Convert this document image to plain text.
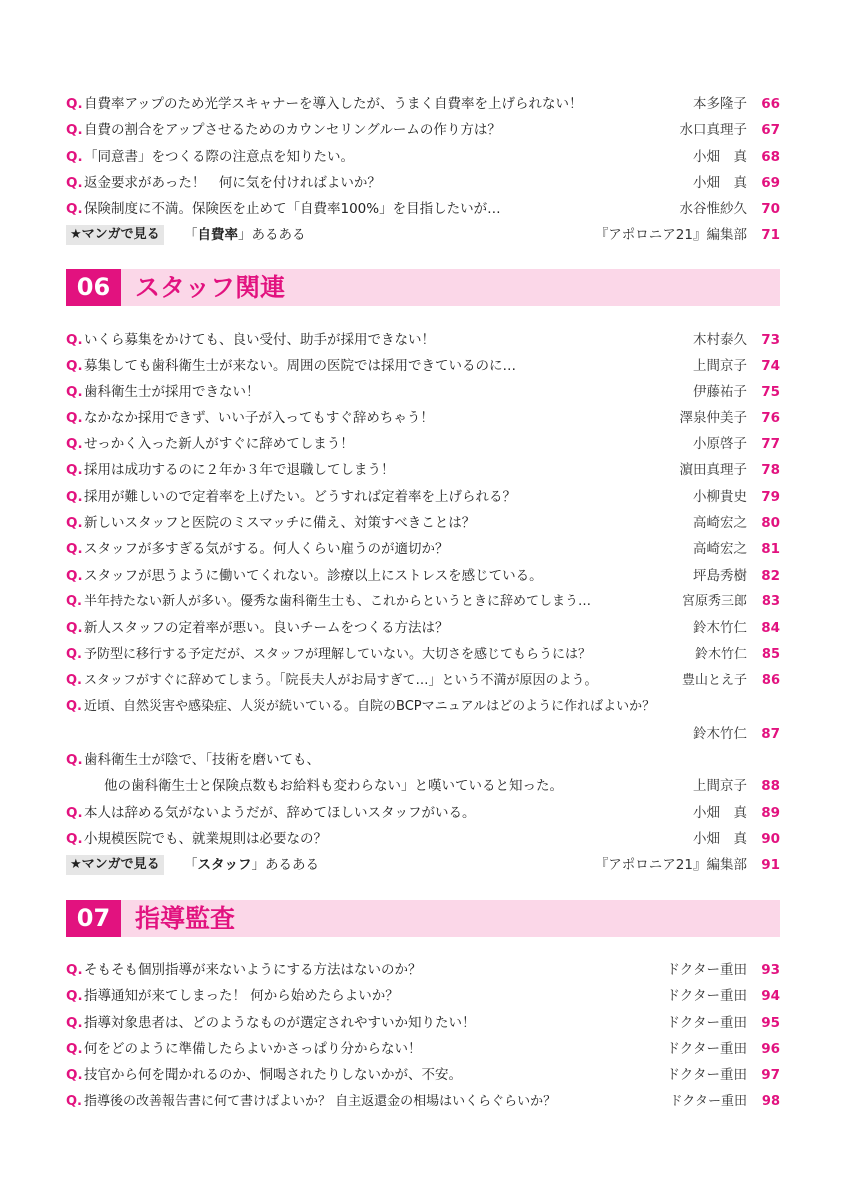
Q. 自費率アップのため光学スキャナーを導入したが、うまく自費率を上げられない！	本多隆子	66
Q. 自費の割合をアップさせるためのカウンセリングルームの作り方は？	水口真理子	67
Q. 「同意書」をつくる際の注意点を知りたい。	小畑　真	68
Q. 返金要求があった！　何に気を付ければよいか？	小畑　真	69
Q. 保険制度に不満。保険医を止めて「自費率100%」を目指したいが…	水谷惟紗久	70
★マンガで見る 「自費率」あるある	『アポロニア21』編集部	71
06 スタッフ関連
Q. いくら募集をかけても、良い受付、助手が採用できない！	木村泰久	73
Q. 募集しても歯科衛生士が来ない。周囲の医院では採用できているのに…	上間京子	74
Q. 歯科衛生士が採用できない！	伊藤祐子	75
Q. なかなか採用できず、いい子が入ってもすぐ辞めちゃう！	澤泉仲美子	76
Q. せっかく入った新人がすぐに辞めてしまう！	小原啓子	77
Q. 採用は成功するのに２年か３年で退職してしまう！	濵田真理子	78
Q. 採用が難しいので定着率を上げたい。どうすれば定着率を上げられる？	小柳貴史	79
Q. 新しいスタッフと医院のミスマッチに備え、対策すべきことは？	高崎宏之	80
Q. スタッフが多すぎる気がする。何人くらい雇うのが適切か？	高崎宏之	81
Q. スタッフが思うように働いてくれない。診療以上にストレスを感じている。	坪島秀樹	82
Q. 半年持たない新人が多い。優秀な歯科衛生士も、これからというときに辞めてしまう…	宮原秀三郎	83
Q. 新人スタッフの定着率が悪い。良いチームをつくる方法は？	鈴木竹仁	84
Q. 予防型に移行する予定だが、スタッフが理解していない。大切さを感じてもらうには？	鈴木竹仁	85
Q. スタッフがすぐに辞めてしまう。「院長夫人がお局すぎて…」という不満が原因のよう。	豊山とえ子	86
Q. 近頃、自然災害や感染症、人災が続いている。自院のBCPマニュアルはどのように作ればよいか？
鈴木竹仁	87
Q. 歯科衛生士が陰で、「技術を磨いても、
他の歯科衛生士と保険点数もお給料も変わらない」と嘆いていると知った。	上間京子	88
Q. 本人は辞める気がないようだが、辞めてほしいスタッフがいる。	小畑　真	89
Q. 小規模医院でも、就業規則は必要なの？	小畑　真	90
★マンガで見る 「スタッフ」あるある	『アポロニア21』編集部	91
07 指導監査
Q. そもそも個別指導が来ないようにする方法はないのか？	ドクター重田	93
Q. 指導通知が来てしまった！ 何から始めたらよいか？	ドクター重田	94
Q. 指導対象患者は、どのようなものが選定されやすいか知りたい！	ドクター重田	95
Q. 何をどのように準備したらよいかさっぱり分からない！	ドクター重田	96
Q. 技官から何を聞かれるのか、恫喝されたりしないかが、不安。	ドクター重田	97
Q. 指導後の改善報告書に何て書けばよいか？ 自主返還金の相場はいくらぐらいか？	ドクター重田	98
